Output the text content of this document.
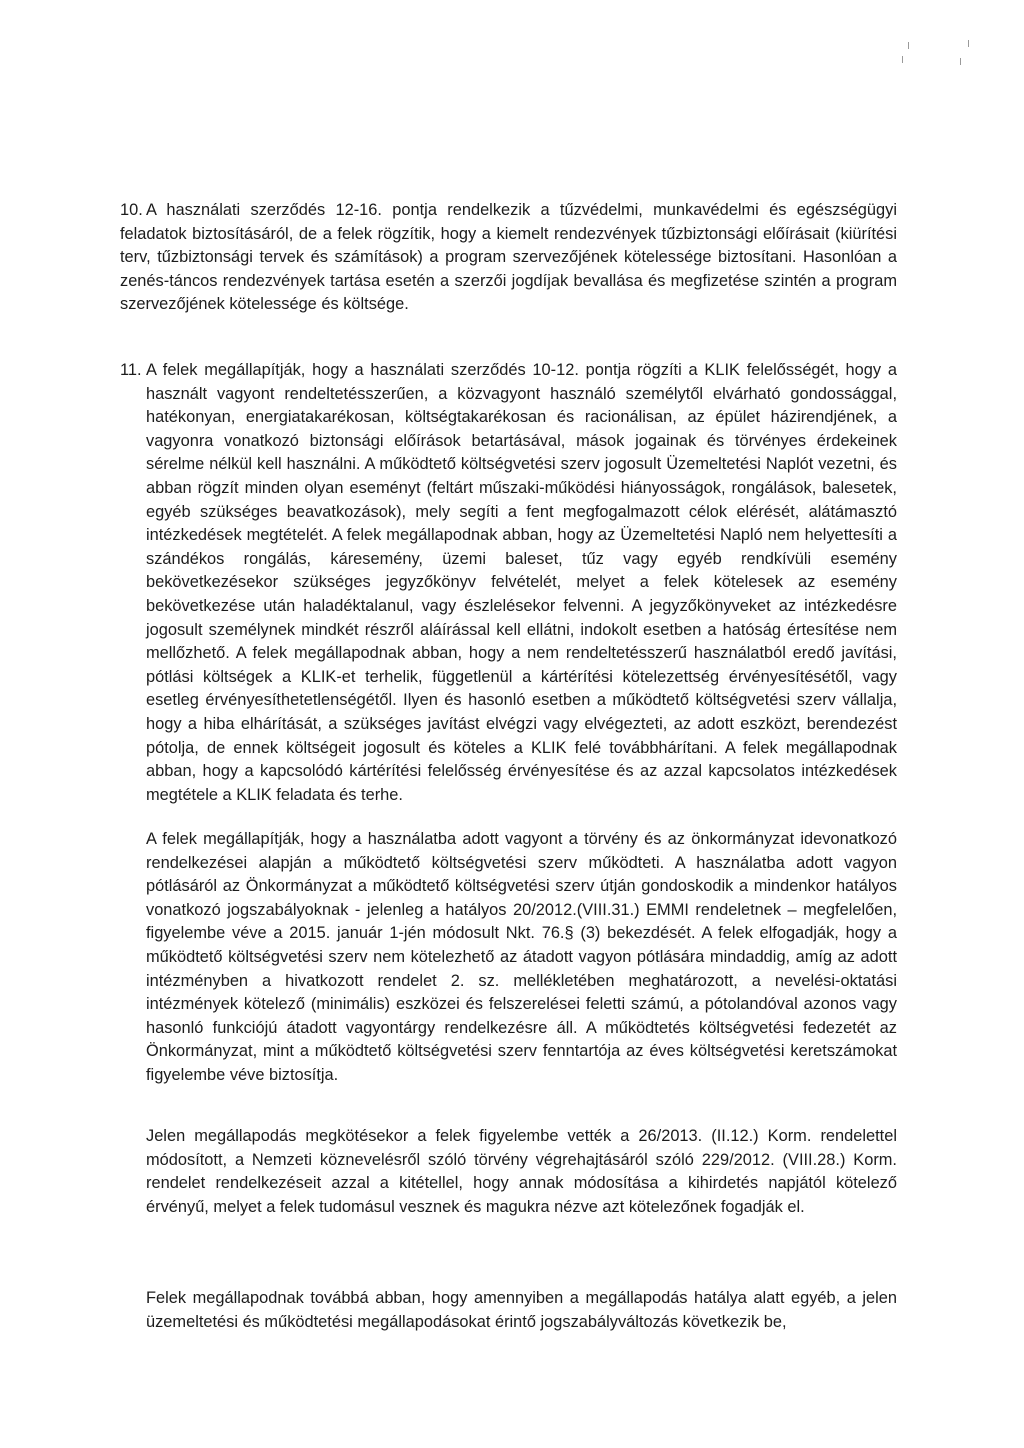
10. A használati szerződés 12-16. pontja rendelkezik a tűzvédelmi, munkavédelmi és egészségügyi feladatok biztosításáról, de a felek rögzítik, hogy a kiemelt rendezvények tűzbiztonsági előírásait (kiürítési terv, tűzbiztonsági tervek és számítások) a program szervezőjének kötelessége biztosítani. Hasonlóan a zenés-táncos rendezvények tartása esetén a szerzői jogdíjak bevallása és megfizetése szintén a program szervezőjének kötelessége és költsége.

11. A felek megállapítják, hogy a használati szerződés 10-12. pontja rögzíti a KLIK felelősségét, hogy a használt vagyont rendeltetésszerűen, a közvagyont használó személytől elvárható gondossággal, hatékonyan, energiatakarékosan, költségtakarékosan és racionálisan, az épület házirendjének, a vagyonra vonatkozó biztonsági előírások betartásával, mások jogainak és törvényes érdekeinek sérelme nélkül kell használni. A működtető költségvetési szerv jogosult Üzemeltetési Naplót vezetni, és abban rögzít minden olyan eseményt (feltárt műszaki-működési hiányosságok, rongálások, balesetek, egyéb szükséges beavatkozások), mely segíti a fent megfogalmazott célok elérését, alátámasztó intézkedések megtételét. A felek megállapodnak abban, hogy az Üzemeltetési Napló nem helyettesíti a szándékos rongálás, káresemény, üzemi baleset, tűz vagy egyéb rendkívüli esemény bekövetkezésekor szükséges jegyzőkönyv felvételét, melyet a felek kötelesek az esemény bekövetkezése után haladéktalanul, vagy észlelésekor felvenni. A jegyzőkönyveket az intézkedésre jogosult személynek mindkét részről aláírással kell ellátni, indokolt esetben a hatóság értesítése nem mellőzhető. A felek megállapodnak abban, hogy a nem rendeltetésszerű használatból eredő javítási, pótlási költségek a KLIK-et terhelik, függetlenül a kártérítési kötelezettség érvényesítésétől, vagy esetleg érvényesíthetetlenségétől. Ilyen és hasonló esetben a működtető költségvetési szerv vállalja, hogy a hiba elhárítását, a szükséges javítást elvégzi vagy elvégezteti, az adott eszközt, berendezést pótolja, de ennek költségeit jogosult és köteles a KLIK felé továbbhárítani. A felek megállapodnak abban, hogy a kapcsolódó kártérítési felelősség érvényesítése és az azzal kapcsolatos intézkedések megtétele a KLIK feladata és terhe.

A felek megállapítják, hogy a használatba adott vagyont a törvény és az önkormányzat idevonatkozó rendelkezései alapján a működtető költségvetési szerv működteti. A használatba adott vagyon pótlásáról az Önkormányzat a működtető költségvetési szerv útján gondoskodik a mindenkor hatályos vonatkozó jogszabályoknak - jelenleg a hatályos 20/2012.(VIII.31.) EMMI rendeletnek – megfelelően, figyelembe véve a 2015. január 1-jén módosult Nkt. 76.§ (3) bekezdését. A felek elfogadják, hogy a működtető költségvetési szerv nem kötelezhető az átadott vagyon pótlására mindaddig, amíg az adott intézményben a hivatkozott rendelet 2. sz. mellékletében meghatározott, a nevelési-oktatási intézmények kötelező (minimális) eszközei és felszerelései feletti számú, a pótolandóval azonos vagy hasonló funkciójú átadott vagyontárgy rendelkezésre áll. A működtetés költségvetési fedezetét az Önkormányzat, mint a működtető költségvetési szerv fenntartója az éves költségvetési keretszámokat figyelembe véve biztosítja.

Jelen megállapodás megkötésekor a felek figyelembe vették a 26/2013. (II.12.) Korm. rendelettel módosított, a Nemzeti köznevelésről szóló törvény végrehajtásáról szóló 229/2012. (VIII.28.) Korm. rendelet rendelkezéseit azzal a kitétellel, hogy annak módosítása a kihirdetés napjától kötelező érvényű, melyet a felek tudomásul vesznek és magukra nézve azt kötelezőnek fogadják el.

Felek megállapodnak továbbá abban, hogy amennyiben a megállapodás hatálya alatt egyéb, a jelen üzemeltetési és működtetési megállapodásokat érintő jogszabályváltozás következik be,
